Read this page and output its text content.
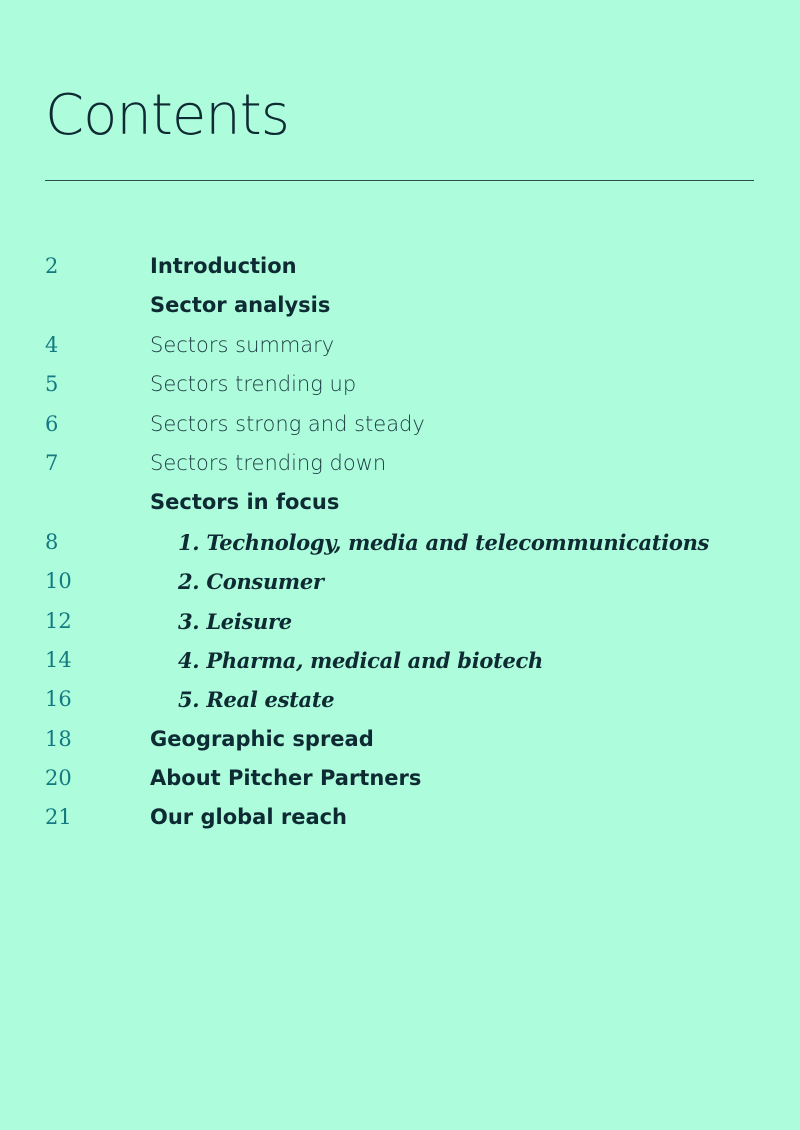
Contents
2	Introduction
Sector analysis
4	Sectors summary
5	Sectors trending up
6	Sectors strong and steady
7	Sectors trending down
Sectors in focus
8	1. Technology, media and telecommunications
10	2. Consumer
12	3. Leisure
14	4. Pharma, medical and biotech
16	5. Real estate
18	Geographic spread
20	About Pitcher Partners
21	Our global reach
